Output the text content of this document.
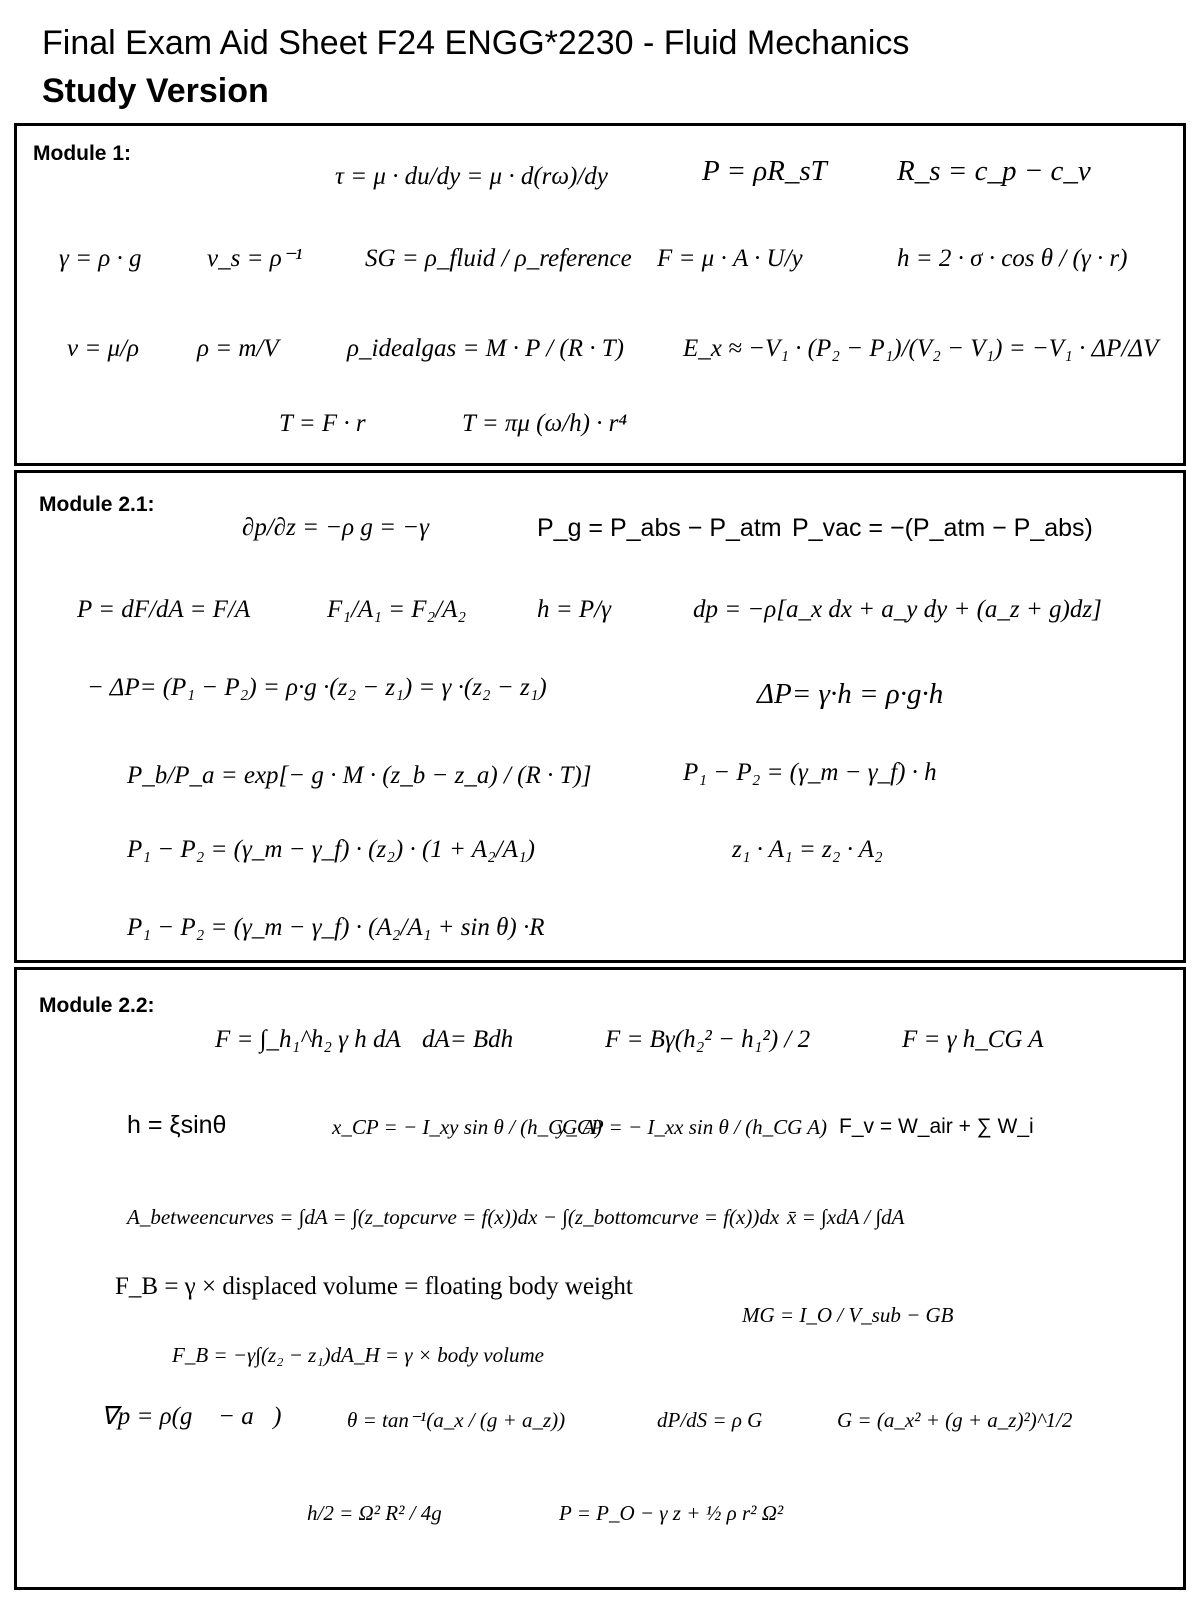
Final Exam Aid Sheet F24 ENGG*2230 - Fluid Mechanics
Study Version
Module 1:
τ = μ · du/dy = μ · d(rω)/dy	P = ρR_sT R_s = c_p − c_v
γ = ρ · g	v_s = ρ⁻¹	SG = ρ_fluid / ρ_reference F = μ · A · U/y	h = 2 · σ · cos θ / (γ · r)
ν = μ/ρ ρ = m/V	ρ_idealgas = M · P / (R · T) E_x ≈ −V₁ · (P₂ − P₁)/(V₂ − V₁) = −V₁ · ΔP/ΔV
T = F · r	T = πμ (ω/h) · r⁴
Module 2.1:
∂p/∂z = −ρ g = −γ	P_g = P_abs − P_atm P_vac = −(P_atm − P_abs)
P = dF/dA = F/A	F₁/A₁ = F₂/A₂	h = P/γ	dp = −ρ[a_x dx + a_y dy + (a_z + g)dz]
− ΔP= (P₁ − P₂) = ρ·g ·(z₂ − z₁) = γ ·(z₂ − z₁)	ΔP= γ·h = ρ·g·h
P_b/P_a = exp[− g · M · (z_b − z_a) / (R · T)]	P₁ − P₂ = (γ_m − γ_f) · h
P₁ − P₂ = (γ_m − γ_f) · (z₂) · (1 + A₂/A₁)	z₁ · A₁ = z₂ · A₂
P₁ − P₂ = (γ_m − γ_f) · (A₂/A₁ + sin θ) ·R
Module 2.2:
F = ∫_h₁^h₂ γ h dA dA= Bdh	F = Bγ(h₂² − h₁²) / 2	F = γ h_CG A
h = ξsinθ	x_CP = − I_xy sin θ / (h_CG A)
y_CP = − I_xx sin θ / (h_CG A) F_v = W_air + ∑ W_i
A_betweencurves = ∫dA = ∫(z_topcurve = f(x))dx − ∫(z_bottomcurve = f(x))dx x̄ = ∫xdA / ∫dA
F_B = γ × displaced volume = floating body weight
MG = I_O / V_sub − GB
F_B = −γ∫(z₂ − z₁)dA_H = γ × body volume
∇p = ρ(g⃗ − a⃗)	θ = tan⁻¹(a_x / (g + a_z))	dP/dS = ρ G	G = (a_x² + (g + a_z)²)^1/2
h/2 = Ω² R² / 4g	P = P_O − γ z + ½ ρ r² Ω²
